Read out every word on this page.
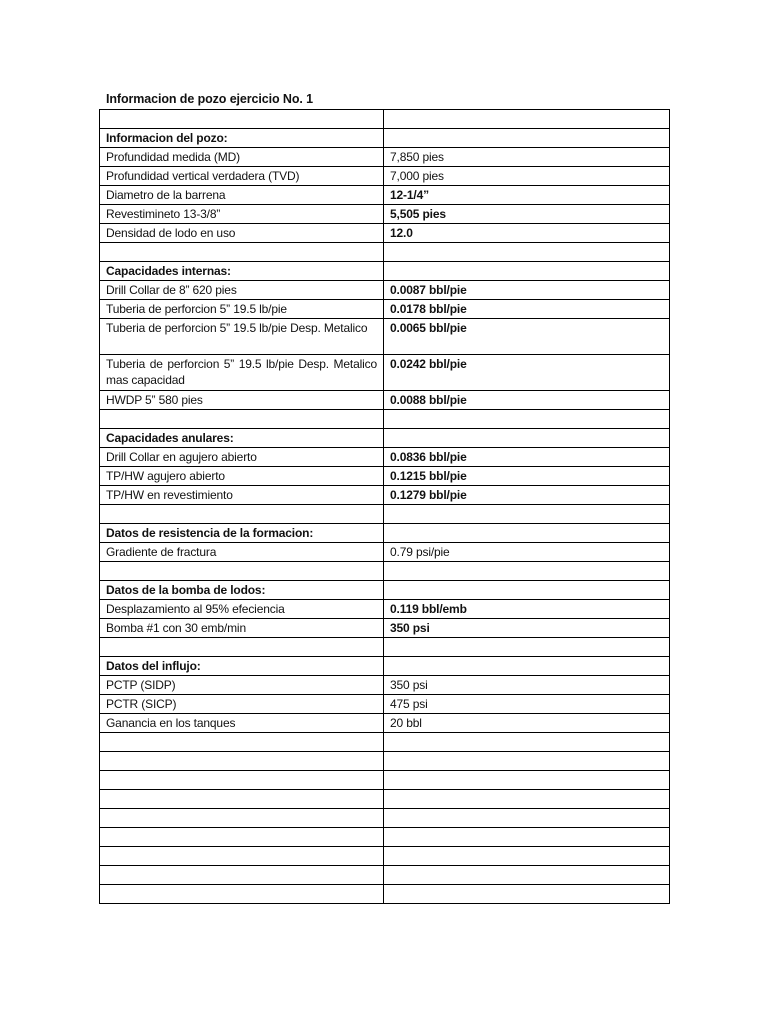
Informacion de pozo ejercicio No. 1

Informacion del pozo:	
Profundidad medida (MD)	7,850 pies
Profundidad vertical verdadera (TVD)	7,000 pies
Diametro de la barrena	12-1/4”
Revestimineto 13-3/8”	5,505 pies
Densidad de lodo en uso	12.0

Capacidades internas:	
Drill Collar de 8” 620 pies	0.0087 bbl/pie
Tuberia de perforcion 5” 19.5 lb/pie	0.0178 bbl/pie
Tuberia de perforcion 5” 19.5 lb/pie Desp. Metalico	0.0065 bbl/pie
Tuberia de perforcion 5” 19.5 lb/pie Desp. Metalico mas capacidad	0.0242 bbl/pie
HWDP 5” 580 pies	0.0088 bbl/pie

Capacidades anulares:	
Drill Collar en agujero abierto	0.0836 bbl/pie
TP/HW agujero abierto	0.1215 bbl/pie
TP/HW en revestimiento	0.1279 bbl/pie

Datos de resistencia de la formacion:	
Gradiente de fractura	0.79 psi/pie

Datos de la bomba de lodos:	
Desplazamiento al 95% efeciencia	0.119 bbl/emb
Bomba #1 con 30 emb/min	350 psi

Datos del influjo:	
PCTP (SIDP)	350 psi
PCTR (SICP)	475 psi
Ganancia en los tanques	20 bbl
